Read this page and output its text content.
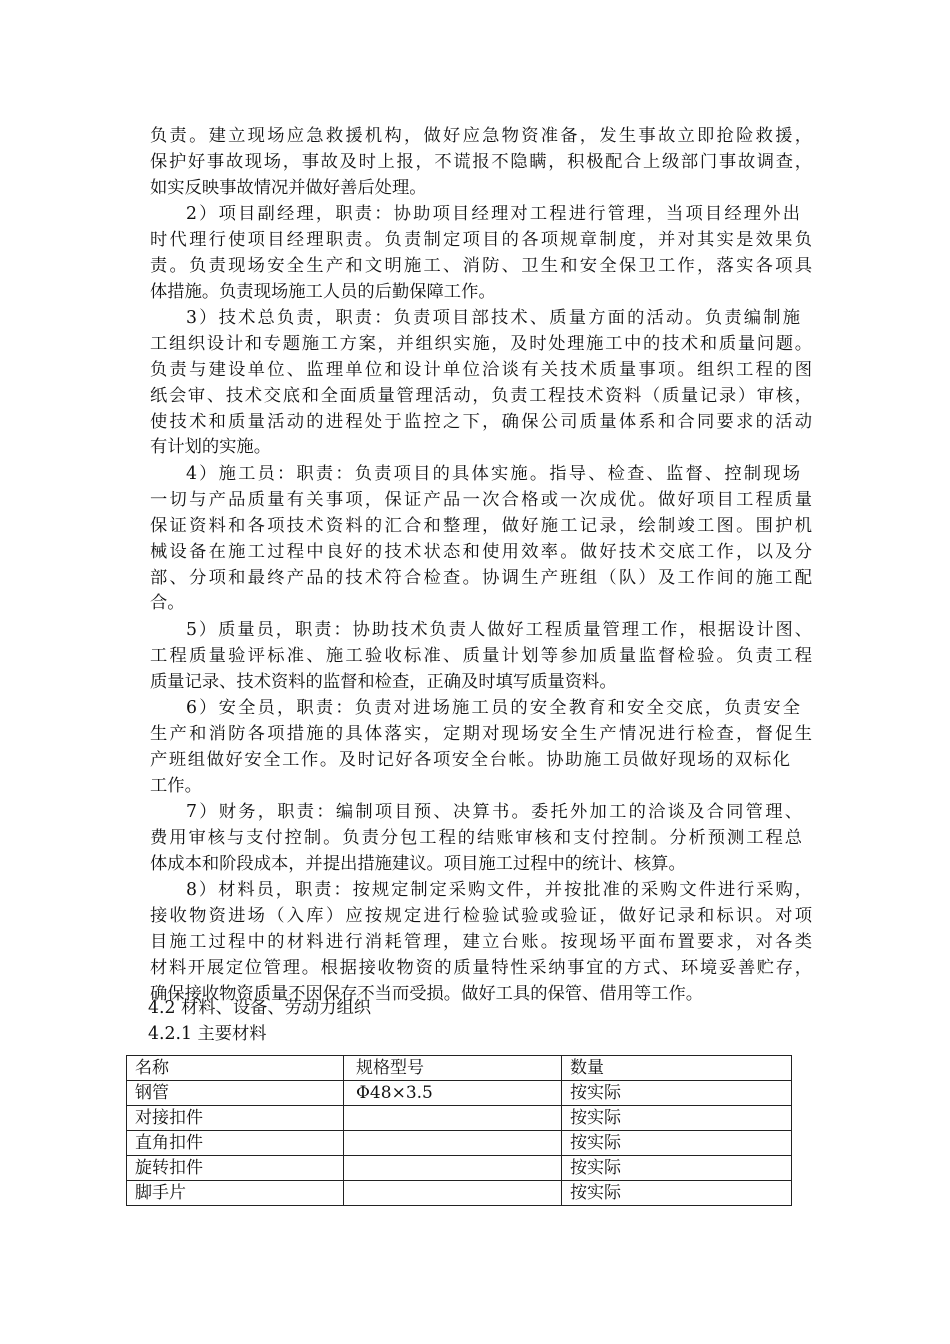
负责。建立现场应急救援机构，做好应急物资准备，发生事故立即抢险救援，
保护好事故现场，事故及时上报，不谎报不隐瞒，积极配合上级部门事故调查，
如实反映事故情况并做好善后处理。
2）项目副经理，职责：协助项目经理对工程进行管理，当项目经理外出
时代理行使项目经理职责。负责制定项目的各项规章制度，并对其实是效果负
责。负责现场安全生产和文明施工、消防、卫生和安全保卫工作，落实各项具
体措施。负责现场施工人员的后勤保障工作。
3）技术总负责，职责：负责项目部技术、质量方面的活动。负责编制施
工组织设计和专题施工方案，并组织实施，及时处理施工中的技术和质量问题。
负责与建设单位、监理单位和设计单位洽谈有关技术质量事项。组织工程的图
纸会审、技术交底和全面质量管理活动，负责工程技术资料（质量记录）审核，
使技术和质量活动的进程处于监控之下，确保公司质量体系和合同要求的活动
有计划的实施。
4）施工员：职责：负责项目的具体实施。指导、检查、监督、控制现场
一切与产品质量有关事项，保证产品一次合格或一次成优。做好项目工程质量
保证资料和各项技术资料的汇合和整理，做好施工记录，绘制竣工图。围护机
械设备在施工过程中良好的技术状态和使用效率。做好技术交底工作，以及分
部、分项和最终产品的技术符合检查。协调生产班组（队）及工作间的施工配
合。
5）质量员，职责：协助技术负责人做好工程质量管理工作，根据设计图、
工程质量验评标准、施工验收标准、质量计划等参加质量监督检验。负责工程
质量记录、技术资料的监督和检查，正确及时填写质量资料。
6）安全员，职责：负责对进场施工员的安全教育和安全交底，负责安全
生产和消防各项措施的具体落实，定期对现场安全生产情况进行检查，督促生
产班组做好安全工作。及时记好各项安全台帐。协助施工员做好现场的双标化
工作。
7）财务，职责：编制项目预、决算书。委托外加工的洽谈及合同管理、
费用审核与支付控制。负责分包工程的结账审核和支付控制。分析预测工程总
体成本和阶段成本，并提出措施建议。项目施工过程中的统计、核算。
8）材料员，职责：按规定制定采购文件，并按批准的采购文件进行采购，
接收物资进场（入库）应按规定进行检验试验或验证，做好记录和标识。对项
目施工过程中的材料进行消耗管理，建立台账。按现场平面布置要求，对各类
材料开展定位管理。根据接收物资的质量特性采纳事宜的方式、环境妥善贮存，
确保接收物资质量不因保存不当而受损。做好工具的保管、借用等工作。
4.2 材料、设备、劳动力组织
4.2.1 主要材料
名称	规格型号	数量
钢管	Φ48×3.5	按实际
对接扣件		按实际
直角扣件		按实际
旋转扣件		按实际
脚手片		按实际
